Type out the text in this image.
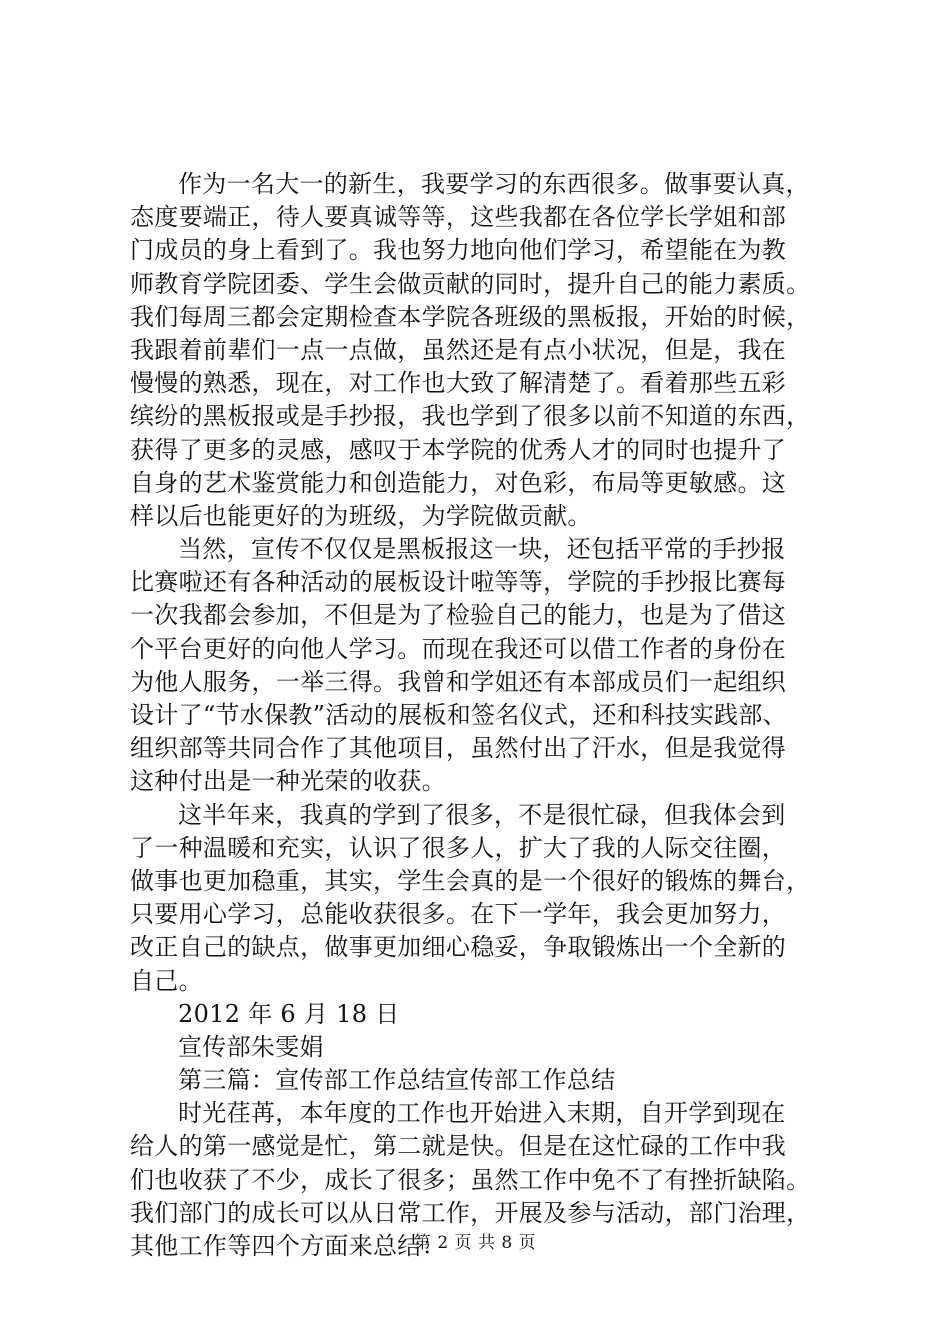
作为一名大一的新生，我要学习的东西很多。做事要认真，
态度要端正，待人要真诚等等，这些我都在各位学长学姐和部
门成员的身上看到了。我也努力地向他们学习，希望能在为教
师教育学院团委、学生会做贡献的同时，提升自己的能力素质。
我们每周三都会定期检查本学院各班级的黑板报，开始的时候，
我跟着前辈们一点一点做，虽然还是有点小状况，但是，我在
慢慢的熟悉，现在，对工作也大致了解清楚了。看着那些五彩
缤纷的黑板报或是手抄报，我也学到了很多以前不知道的东西，
获得了更多的灵感，感叹于本学院的优秀人才的同时也提升了
自身的艺术鉴赏能力和创造能力，对色彩，布局等更敏感。这
样以后也能更好的为班级，为学院做贡献。
当然，宣传不仅仅是黑板报这一块，还包括平常的手抄报
比赛啦还有各种活动的展板设计啦等等，学院的手抄报比赛每
一次我都会参加，不但是为了检验自己的能力，也是为了借这
个平台更好的向他人学习。而现在我还可以借工作者的身份在
为他人服务，一举三得。我曾和学姐还有本部成员们一起组织
设计了“节水保教”活动的展板和签名仪式，还和科技实践部、
组织部等共同合作了其他项目，虽然付出了汗水，但是我觉得
这种付出是一种光荣的收获。
这半年来，我真的学到了很多，不是很忙碌，但我体会到
了一种温暖和充实，认识了很多人，扩大了我的人际交往圈，
做事也更加稳重，其实，学生会真的是一个很好的锻炼的舞台，
只要用心学习，总能收获很多。在下一学年，我会更加努力，
改正自己的缺点，做事更加细心稳妥，争取锻炼出一个全新的
自己。
2012 年 6 月 18 日
宣传部朱雯娟
第三篇：宣传部工作总结宣传部工作总结
时光荏苒，本年度的工作也开始进入末期，自开学到现在
给人的第一感觉是忙，第二就是快。但是在这忙碌的工作中我
们也收获了不少，成长了很多；虽然工作中免不了有挫折缺陷。
我们部门的成长可以从日常工作，开展及参与活动，部门治理，
其他工作等四个方面来总结：
第 2 页 共 8 页
